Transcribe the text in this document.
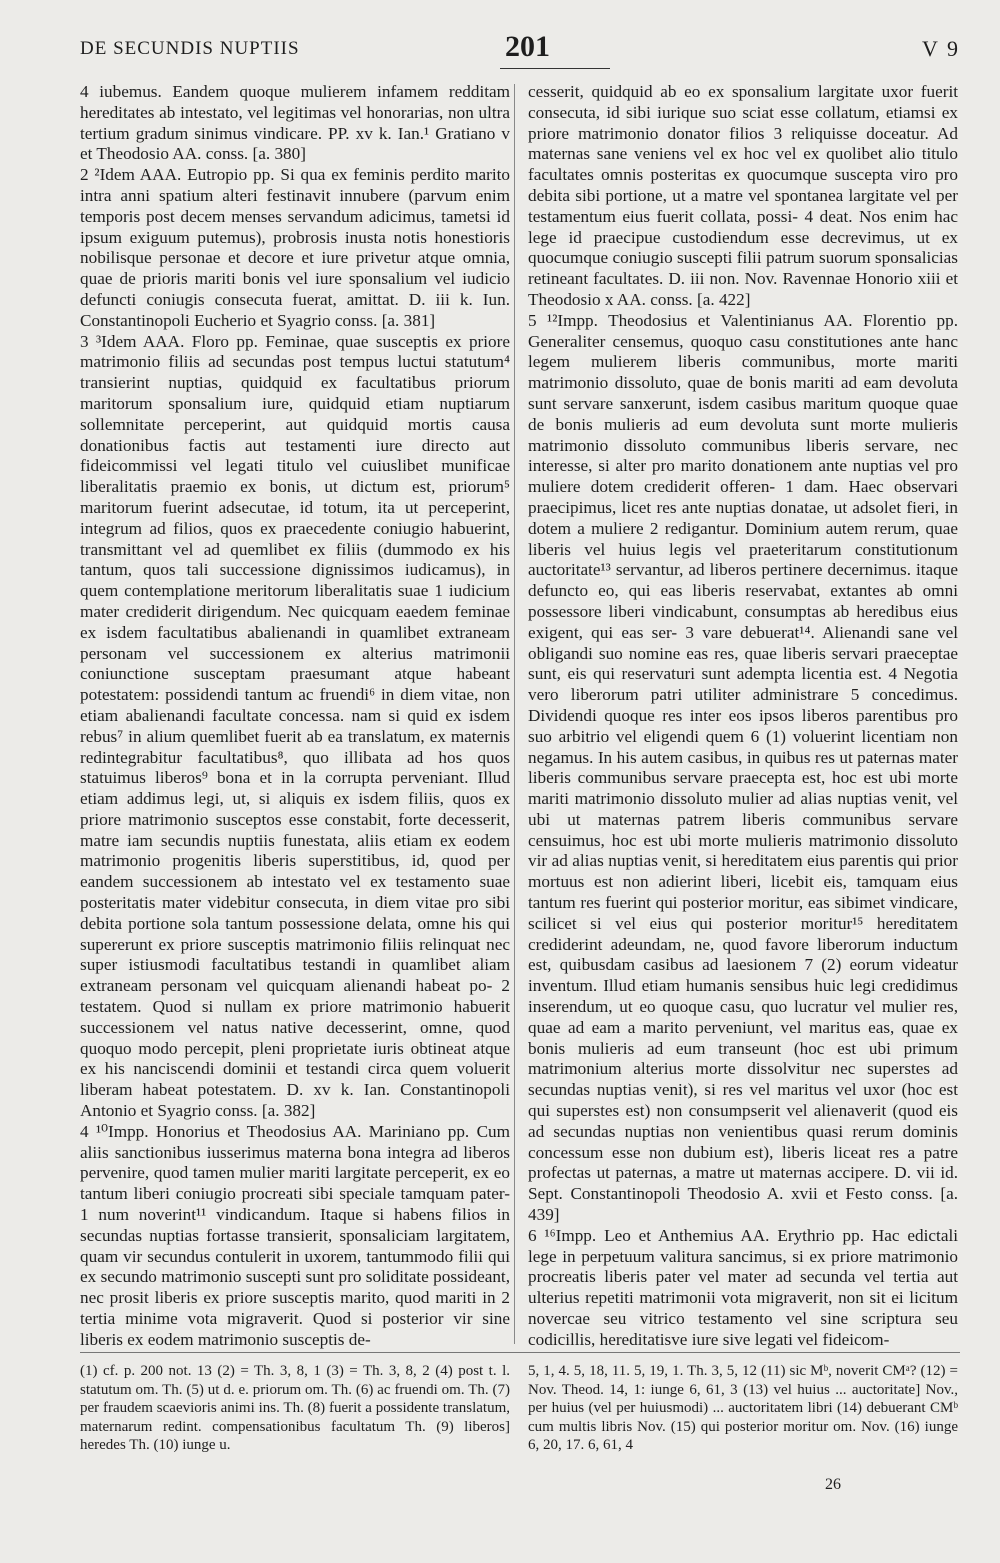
DE SECUNDIS NUPTIIS	201	V 9

4 iubemus. Eandem quoque mulierem infamem redditam hereditates ab intestato, vel legitimas vel honorarias, non ultra tertium gradum sinimus vindicare. PP. xv k. Ian.¹ Gratiano v et Theodosio AA. conss. [a. 380]

2 ²Idem AAA. Eutropio pp. Si qua ex feminis perdito marito intra anni spatium alteri festinavit innubere (parvum enim temporis post decem menses servandum adicimus, tametsi id ipsum exiguum putemus), probrosis inusta notis honestioris nobilisque personae et decore et iure privetur atque omnia, quae de prioris mariti bonis vel iure sponsalium vel iudicio defuncti coniugis consecuta fuerat, amittat. D. iii k. Iun. Constantinopoli Eucherio et Syagrio conss. [a. 381]

3 ³Idem AAA. Floro pp. Feminae, quae susceptis ex priore matrimonio filiis ad secundas post tempus luctui statutum⁴ transierint nuptias, quidquid ex facultatibus priorum maritorum sponsalium iure, quidquid etiam nuptiarum sollemnitate perceperint, aut quidquid mortis causa donationibus factis aut testamenti iure directo aut fideicommissi vel legati titulo vel cuiuslibet munificae liberalitatis praemio ex bonis, ut dictum est, priorum⁵ maritorum fuerint adsecutae, id totum, ita ut perceperint, integrum ad filios, quos ex praecedente coniugio habuerint, transmittant vel ad quemlibet ex filiis (dummodo ex his tantum, quos tali successione dignissimos iudicamus), in quem contemplatione meritorum liberalitatis suae 1 iudicium mater crediderit dirigendum. Nec quicquam eaedem feminae ex isdem facultatibus abalienandi in quamlibet extraneam personam vel successionem ex alterius matrimonii coniunctione susceptam praesumant atque habeant potestatem: possidendi tantum ac fruendi⁶ in diem vitae, non etiam abalienandi facultate concessa. nam si quid ex isdem rebus⁷ in alium quemlibet fuerit ab ea translatum, ex maternis redintegrabitur facultatibus⁸, quo illibata ad hos quos statuimus liberos⁹ bona et in la corrupta perveniant. Illud etiam addimus legi, ut, si aliquis ex isdem filiis, quos ex priore matrimonio susceptos esse constabit, forte decesserit, matre iam secundis nuptiis funestata, aliis etiam ex eodem matrimonio progenitis liberis superstitibus, id, quod per eandem successionem ab intestato vel ex testamento suae posteritatis mater videbitur consecuta, in diem vitae pro sibi debita portione sola tantum possessione delata, omne his qui supererunt ex priore susceptis matrimonio filiis relinquat nec super istiusmodi facultatibus testandi in quamlibet aliam extraneam personam vel quicquam alienandi habeat po- 2 testatem. Quod si nullam ex priore matrimonio habuerit successionem vel natus native decesserint, omne, quod quoquo modo percepit, pleni proprietate iuris obtineat atque ex his nanciscendi dominii et testandi circa quem voluerit liberam habeat potestatem. D. xv k. Ian. Constantinopoli Antonio et Syagrio conss. [a. 382]

4 ¹⁰Impp. Honorius et Theodosius AA. Mariniano pp. Cum aliis sanctionibus iusserimus materna bona integra ad liberos pervenire, quod tamen mulier mariti largitate perceperit, ex eo tantum liberi coniugio procreati sibi speciale tamquam pater- 1 num noverint¹¹ vindicandum. Itaque si habens filios in secundas nuptias fortasse transierit, sponsaliciam largitatem, quam vir secundus contulerit in uxorem, tantummodo filii qui ex secundo matrimonio suscepti sunt pro soliditate possideant, nec prosit liberis ex priore susceptis marito, quod mariti in 2 tertia minime vota migraverit. Quod si posterior vir sine liberis ex eodem matrimonio susceptis de-

cesserit, quidquid ab eo ex sponsalium largitate uxor fuerit consecuta, id sibi iurique suo sciat esse collatum, etiamsi ex priore matrimonio donator filios 3 reliquisse doceatur. Ad maternas sane veniens vel ex hoc vel ex quolibet alio titulo facultates omnis posteritas ex quocumque suscepta viro pro debita sibi portione, ut a matre vel spontanea largitate vel per testamentum eius fuerit collata, possi- 4 deat. Nos enim hac lege id praecipue custodiendum esse decrevimus, ut ex quocumque coniugio suscepti filii patrum suorum sponsalicias retineant facultates. D. iii non. Nov. Ravennae Honorio xiii et Theodosio x AA. conss. [a. 422]

5 ¹²Impp. Theodosius et Valentinianus AA. Florentio pp. Generaliter censemus, quoquo casu constitutiones ante hanc legem mulierem liberis communibus, morte mariti matrimonio dissoluto, quae de bonis mariti ad eam devoluta sunt servare sanxerunt, isdem casibus maritum quoque quae de bonis mulieris ad eum devoluta sunt morte mulieris matrimonio dissoluto communibus liberis servare, nec interesse, si alter pro marito donationem ante nuptias vel pro muliere dotem crediderit offeren- 1 dam. Haec observari praecipimus, licet res ante nuptias donatae, ut adsolet fieri, in dotem a muliere 2 redigantur. Dominium autem rerum, quae liberis vel huius legis vel praeteritarum constitutionum auctoritate¹³ servantur, ad liberos pertinere decernimus. itaque defuncto eo, qui eas liberis reservabat, extantes ab omni possessore liberi vindicabunt, consumptas ab heredibus eius exigent, qui eas ser- 3 vare debuerat¹⁴. Alienandi sane vel obligandi suo nomine eas res, quae liberis servari praeceptae sunt, eis qui reservaturi sunt adempta licentia est. 4 Negotia vero liberorum patri utiliter administrare 5 concedimus. Dividendi quoque res inter eos ipsos liberos parentibus pro suo arbitrio vel eligendi quem 6 (1) voluerint licentiam non negamus. In his autem casibus, in quibus res ut paternas mater liberis communibus servare praecepta est, hoc est ubi morte mariti matrimonio dissoluto mulier ad alias nuptias venit, vel ubi ut maternas patrem liberis communibus servare censuimus, hoc est ubi morte mulieris matrimonio dissoluto vir ad alias nuptias venit, si hereditatem eius parentis qui prior mortuus est non adierint liberi, licebit eis, tamquam eius tantum res fuerint qui posterior moritur, eas sibimet vindicare, scilicet si vel eius qui posterior moritur¹⁵ hereditatem crediderint adeundam, ne, quod favore liberorum inductum est, quibusdam casibus ad laesionem 7 (2) eorum videatur inventum. Illud etiam humanis sensibus huic legi credidimus inserendum, ut eo quoque casu, quo lucratur vel mulier res, quae ad eam a marito perveniunt, vel maritus eas, quae ex bonis mulieris ad eum transeunt (hoc est ubi primum matrimonium alterius morte dissolvitur nec superstes ad secundas nuptias venit), si res vel maritus vel uxor (hoc est qui superstes est) non consumpserit vel alienaverit (quod eis ad secundas nuptias non venientibus quasi rerum dominis concessum esse non dubium est), liberis liceat res a patre profectas ut paternas, a matre ut maternas accipere. D. vii id. Sept. Constantinopoli Theodosio A. xvii et Festo conss. [a. 439]

6 ¹⁶Impp. Leo et Anthemius AA. Erythrio pp. Hac edictali lege in perpetuum valitura sancimus, si ex priore matrimonio procreatis liberis pater vel mater ad secunda vel tertia aut ulterius repetiti matrimonii vota migraverit, non sit ei licitum novercae seu vitrico testamento vel sine scriptura seu codicillis, hereditatisve iure sive legati vel fideicom-

(1) cf. p. 200 not. 13 (2) = Th. 3, 8, 1 (3) = Th. 3, 8, 2 (4) post t. l. statutum om. Th. (5) ut d. e. priorum om. Th. (6) ac fruendi om. Th. (7) per fraudem scaevioris animi ins. Th. (8) fuerit a possidente translatum, maternarum redint. compensationibus facultatum Th. (9) liberos] heredes Th. (10) iunge u.
5, 1, 4. 5, 18, 11. 5, 19, 1. Th. 3, 5, 12 (11) sic Mᵇ, noverit CMᵃ? (12) = Nov. Theod. 14, 1: iunge 6, 61, 3 (13) vel huius ... auctoritate] Nov., per huius (vel per huiusmodi) ... auctoritatem libri (14) debuerant CMᵇ cum multis libris Nov. (15) qui posterior moritur om. Nov. (16) iunge 6, 20, 17. 6, 61, 4
26
